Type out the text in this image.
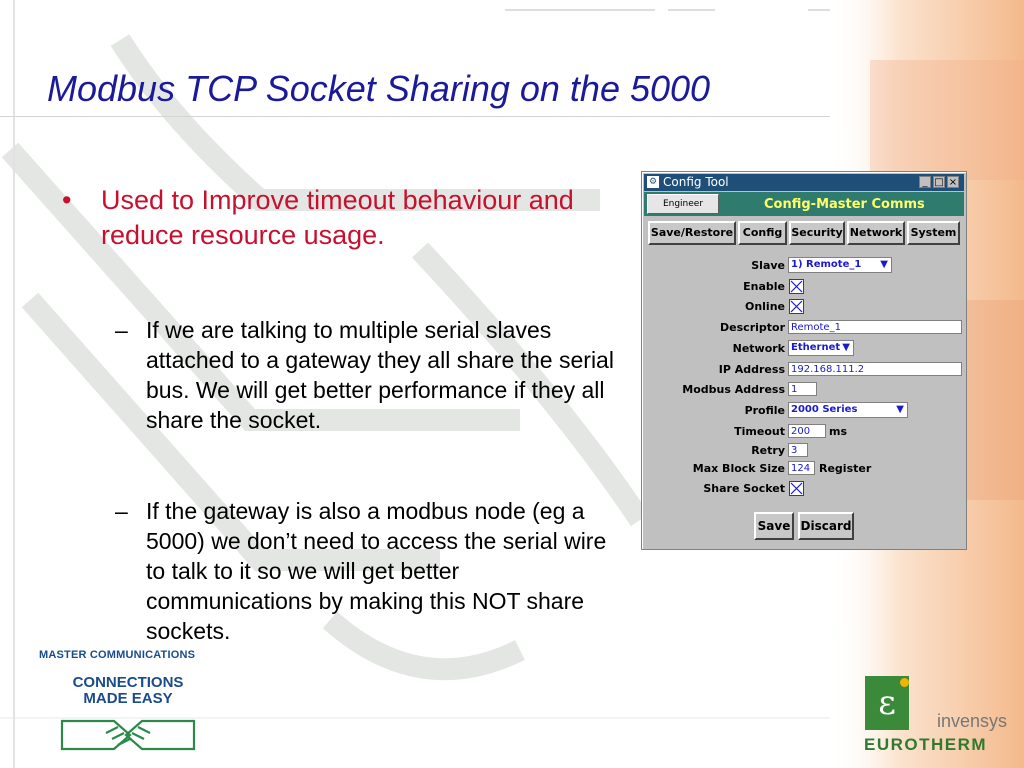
Modbus TCP Socket Sharing on the 5000
• Used to Improve timeout behaviour and reduce resource usage.
– If we are talking to multiple serial slaves attached to a gateway they all share the serial bus. We will get better performance if they all share the socket.
– If the gateway is also a modbus node (eg a 5000) we don’t need to access the serial wire to talk to it so we will get better communications by making this NOT share sockets.
⚙ Config Tool	_ □ ×
Engineer	Config-Master Comms
Save/Restore Config Security Network System
Slave 1) Remote_1 ▼
Enable
Online
Descriptor Remote_1
Network Ethernet ▼
IP Address 192.168.111.2
Modbus Address 1
Profile 2000 Series	▼
Timeout 200	ms
Retry 3
Max Block Size 124 Register
Share Socket
Save Discard
MASTER COMMUNICATIONS
CONNECTIONS
MADE EASY	ε	invensys
EUROTHERM
